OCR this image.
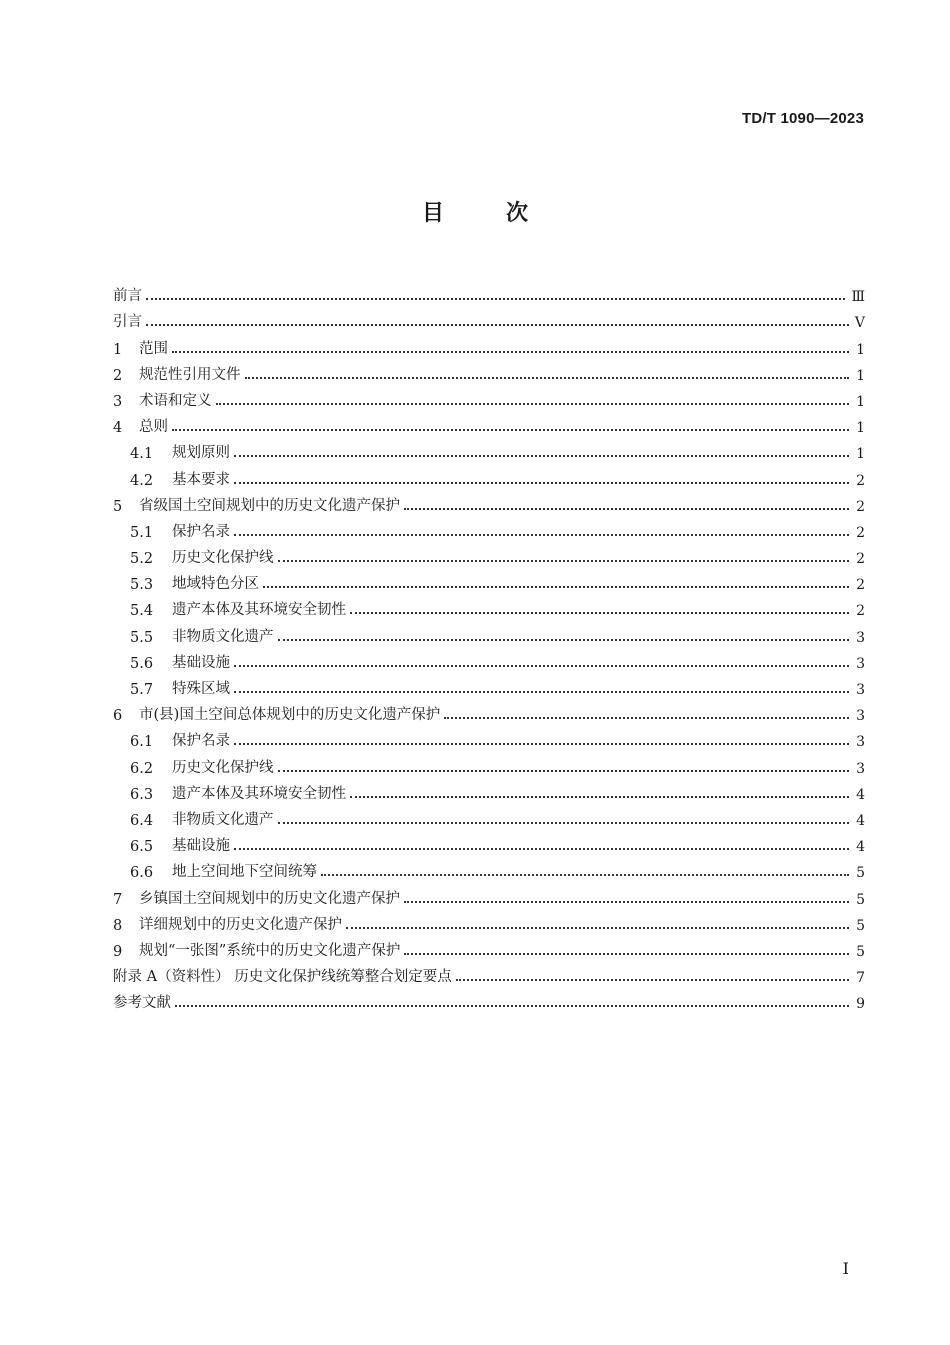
TD/T 1090—2023
目次
前言	Ⅲ
引言	Ⅴ
1	范围	1
2	规范性引用文件	1
3	术语和定义	1
4	总则	1
4.1	规划原则	1
4.2	基本要求	2
5	省级国土空间规划中的历史文化遗产保护	2
5.1	保护名录	2
5.2	历史文化保护线	2
5.3	地域特色分区	2
5.4	遗产本体及其环境安全韧性	2
5.5	非物质文化遗产	3
5.6	基础设施	3
5.7	特殊区域	3
6	市(县)国土空间总体规划中的历史文化遗产保护	3
6.1	保护名录	3
6.2	历史文化保护线	3
6.3	遗产本体及其环境安全韧性	4
6.4	非物质文化遗产	4
6.5	基础设施	4
6.6	地上空间地下空间统筹	5
7	乡镇国土空间规划中的历史文化遗产保护	5
8	详细规划中的历史文化遗产保护	5
9	规划“一张图”系统中的历史文化遗产保护	5
附录 A（资料性） 历史文化保护线统筹整合划定要点	7
参考文献	9
I
